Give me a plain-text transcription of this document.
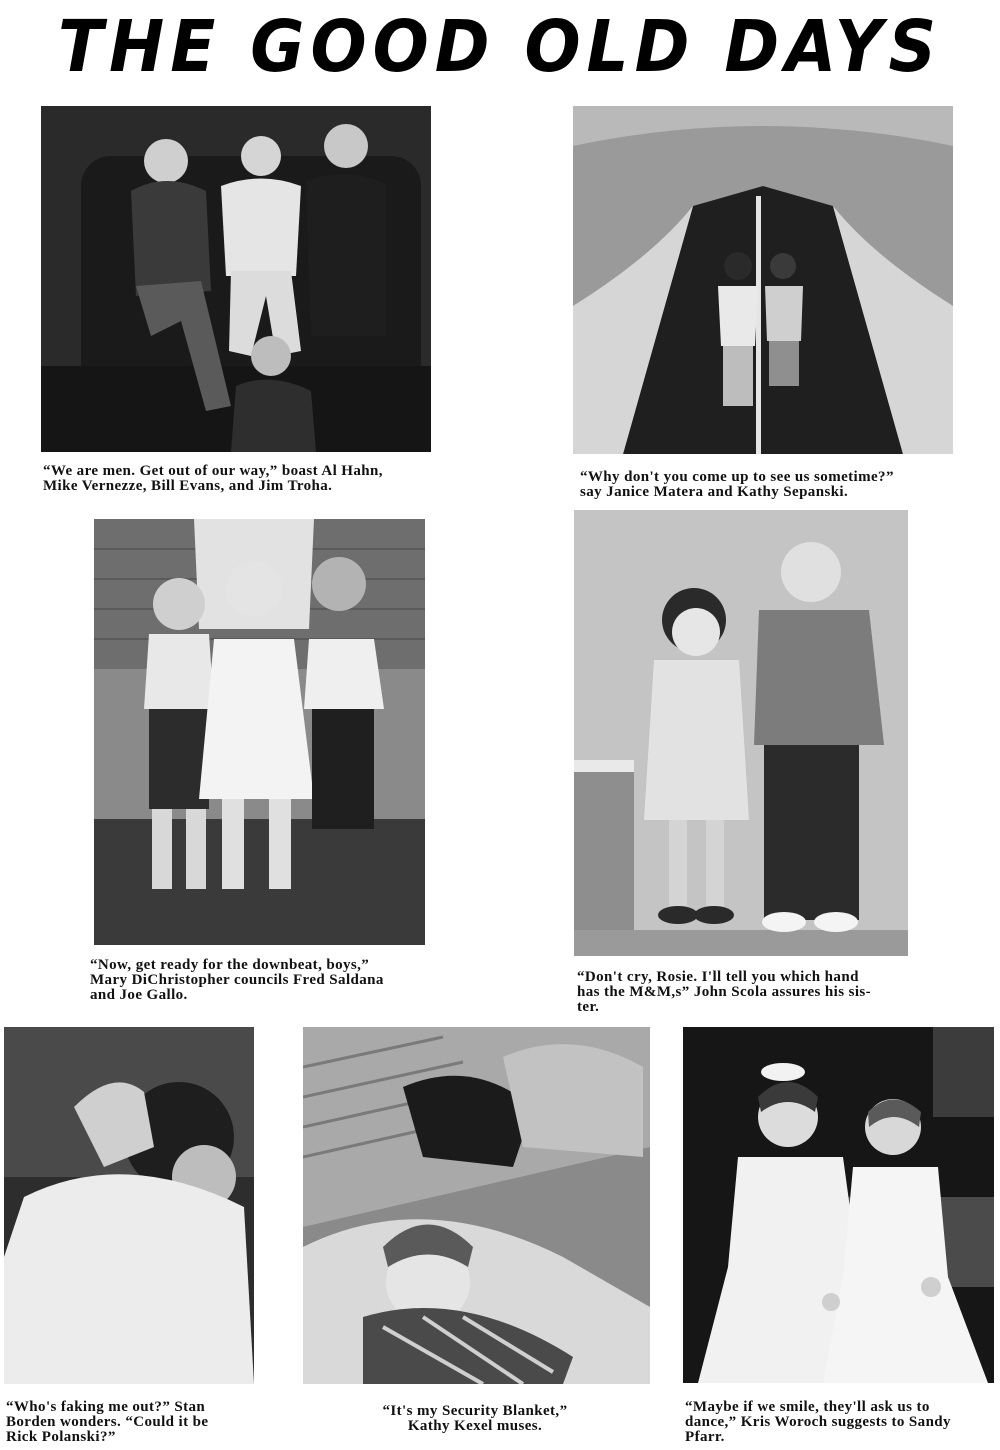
THE GOOD OLD DAYS
“We are men. Get out of our way,” boast Al Hahn,
Mike Vernezze, Bill Evans, and Jim Troha.
“Why don't you come up to see us sometime?”
say Janice Matera and Kathy Sepanski.
“Now, get ready for the downbeat, boys,”
Mary DiChristopher councils Fred Saldana
and Joe Gallo.
“Don't cry, Rosie. I'll tell you which hand
has the M&M,s” John Scola assures his sis-
ter.
“Who's faking me out?” Stan
Borden wonders. “Could it be
Rick Polanski?”
“It's my Security Blanket,”
Kathy Kexel muses.
“Maybe if we smile, they'll ask us to
dance,” Kris Woroch suggests to Sandy
Pfarr.
